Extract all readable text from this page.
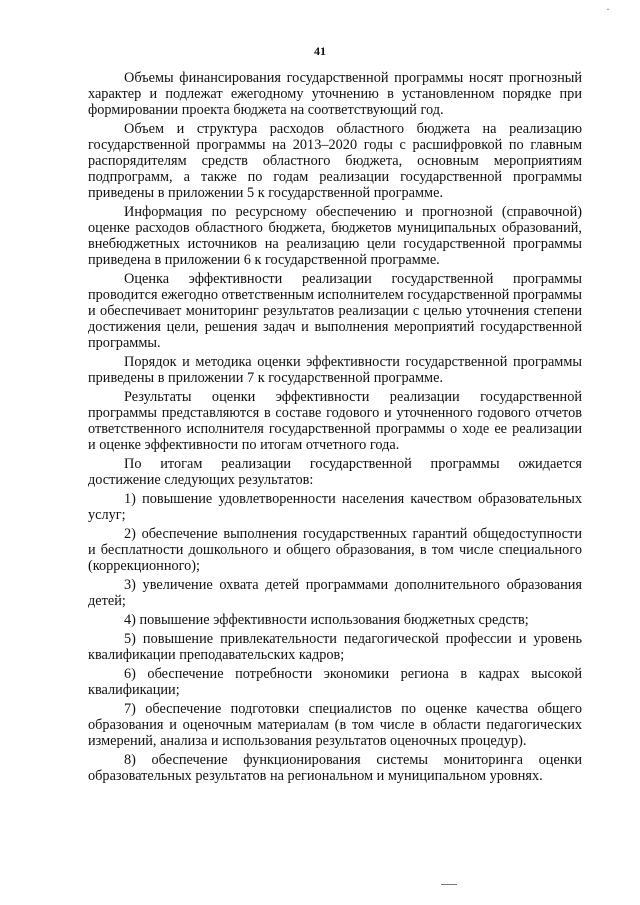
·
41

Объемы финансирования государственной программы носят прогнозный характер и подлежат ежегодному уточнению в установленном порядке при формировании проекта бюджета на соответствующий год.

Объем и структура расходов областного бюджета на реализацию государственной программы на 2013–2020 годы с расшифровкой по главным распорядителям средств областного бюджета, основным мероприятиям подпрограмм, а также по годам реализации государственной программы приведены в приложении 5 к государственной программе.

Информация по ресурсному обеспечению и прогнозной (справочной) оценке расходов областного бюджета, бюджетов муниципальных образований, внебюджетных источников на реализацию цели государственной программы приведена в приложении 6 к государственной программе.

Оценка эффективности реализации государственной программы проводится ежегодно ответственным исполнителем государственной программы и обеспечивает мониторинг результатов реализации с целью уточнения степени достижения цели, решения задач и выполнения мероприятий государственной программы.

Порядок и методика оценки эффективности государственной программы приведены в приложении 7 к государственной программе.

Результаты оценки эффективности реализации государственной программы представляются в составе годового и уточненного годового отчетов ответственного исполнителя государственной программы о ходе ее реализации и оценке эффективности по итогам отчетного года.

По итогам реализации государственной программы ожидается достижение следующих результатов:

1) повышение удовлетворенности населения качеством образовательных услуг;

2) обеспечение выполнения государственных гарантий общедоступности и бесплатности дошкольного и общего образования, в том числе специального (коррекционного);

3) увеличение охвата детей программами дополнительного образования детей;

4) повышение эффективности использования бюджетных средств;

5) повышение привлекательности педагогической профессии и уровень квалификации преподавательских кадров;

6) обеспечение потребности экономики региона в кадрах высокой квалификации;

7) обеспечение подготовки специалистов по оценке качества общего образования и оценочным материалам (в том числе в области педагогических измерений, анализа и использования результатов оценочных процедур).

8) обеспечение функционирования системы мониторинга оценки образовательных результатов на региональном и муниципальном уровнях.
